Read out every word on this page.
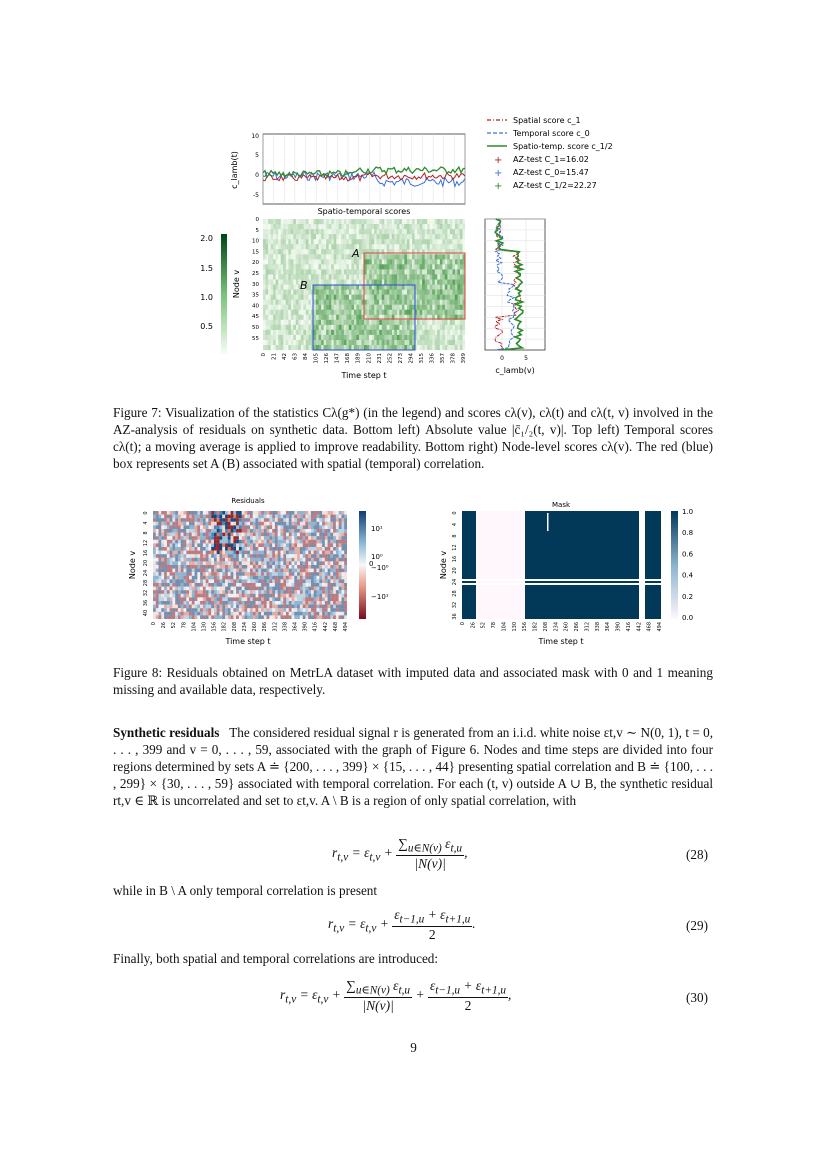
10
5
0
-5
c_lamb(t)
Spatio-temporal scores
Spatial score c_1
Temporal score c_0
Spatio-temp. score c_1/2
+ AZ-test C_1=16.02
+ AZ-test C_0=15.47
+ AZ-test C_1/2=22.27
2.0
1.5
1.0
0.5
A
B
0
5
10
15
20
25
30
35
40
45
50
55
0 21 42 63 84 105 126 147 168 189 210 231 252 273 294 315 336 357 378 399
Node v
Time step t
0	5
c_lamb(v)
Figure 7: Visualization of the statistics Cλ(g*) (in the legend) and scores cλ(v), cλ(t) and cλ(t, v) involved in the AZ-analysis of residuals on synthetic data. Bottom left) Absolute value |c̄₁/₂(t, v)|. Top left) Temporal scores cλ(t); a moving average is applied to improve readability. Bottom right) Node-level scores cλ(v). The red (blue) box represents set A (B) associated with spatial (temporal) correlation.
Residuals
0
4
8
12
16
20
24
28
32
36
40
0 26 52 78 104 130 156 182 208 234 260 286 312 338 364 390 416 442 468 494
Node v
Time step t
10¹
10⁰
0
−10⁰
−10¹
Mask
0
4
8
12
16
20
24
28
32
36
0 26 52 78 104 130 156 182 208 234 260 286 312 338 364 390 416 442 468 494
Node v
Time step t
1.0
0.8
0.6
0.4
0.2
0.0
Figure 8: Residuals obtained on MetrLA dataset with imputed data and associated mask with 0 and 1 meaning missing and available data, respectively.
Synthetic residuals The considered residual signal r is generated from an i.i.d. white noise εt,v ∼ N(0, 1), t = 0, . . . , 399 and v = 0, . . . , 59, associated with the graph of Figure 6. Nodes and time steps are divided into four regions determined by sets A ≐ {200, . . . , 399} × {15, . . . , 44} presenting spatial correlation and B ≐ {100, . . . , 299} × {30, . . . , 59} associated with temporal correlation. For each (t, v) outside A ∪ B, the synthetic residual rt,v ∈ ℝ is uncorrelated and set to εt,v. A \ B is a region of only spatial correlation, with
$r_{t,v} = \varepsilon_{t,v} + \frac{\sum_{u\in N(v)} \varepsilon_{t,u}}{|N(v)|}$ ,	(28)
while in B \ A only temporal correlation is present
$r_{t,v} = \varepsilon_{t,v} + \frac{\varepsilon_{t-1,u} + \varepsilon_{t+1,u}}{2}$ .	(29)
Finally, both spatial and temporal correlations are introduced:
$r_{t,v} = \varepsilon_{t,v} + \frac{\sum_{u\in N(v)} \varepsilon_{t,u}}{|N(v)|} + \frac{\varepsilon_{t-1,u} + \varepsilon_{t+1,u}}{2}$ ,	(30)
9
